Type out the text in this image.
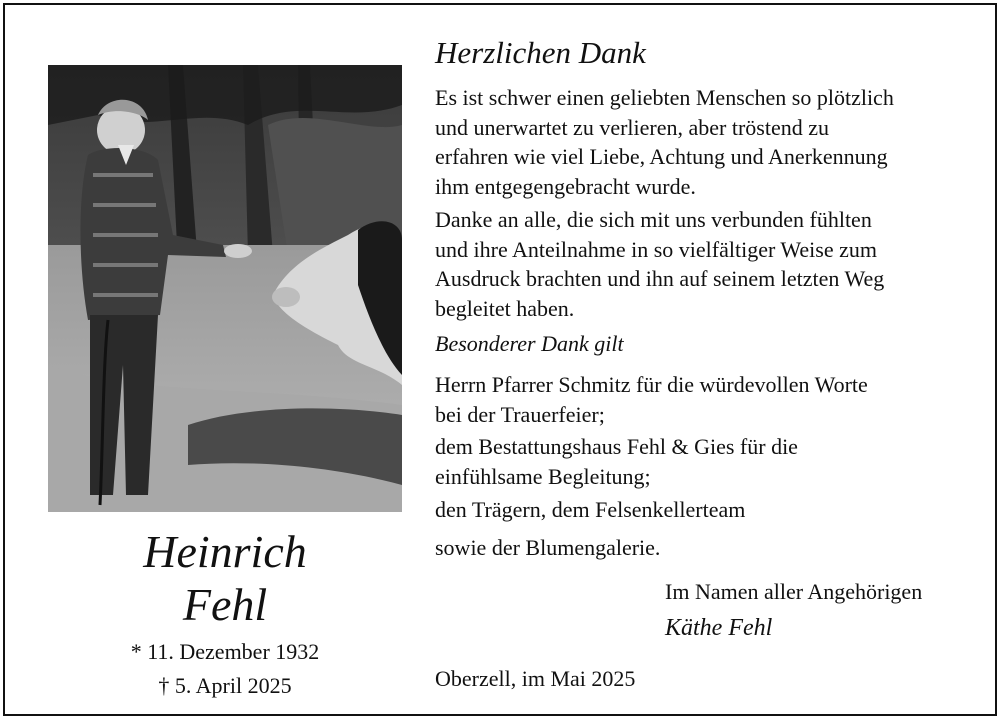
Heinrich
Fehl
* 11. Dezember 1932
† 5. April 2025
Herzlichen Dank
Es ist schwer einen geliebten Menschen so plötzlich
und unerwartet zu verlieren, aber tröstend zu
erfahren wie viel Liebe, Achtung und Anerkennung
ihm entgegengebracht wurde.
Danke an alle, die sich mit uns verbunden fühlten
und ihre Anteilnahme in so vielfältiger Weise zum
Ausdruck brachten und ihn auf seinem letzten Weg
begleitet haben.
Besonderer Dank gilt
Herrn Pfarrer Schmitz für die würdevollen Worte
bei der Trauerfeier;
dem Bestattungshaus Fehl & Gies für die
einfühlsame Begleitung;
den Trägern, dem Felsenkellerteam
sowie der Blumengalerie.
Im Namen aller Angehörigen
Käthe Fehl
Oberzell, im Mai 2025
